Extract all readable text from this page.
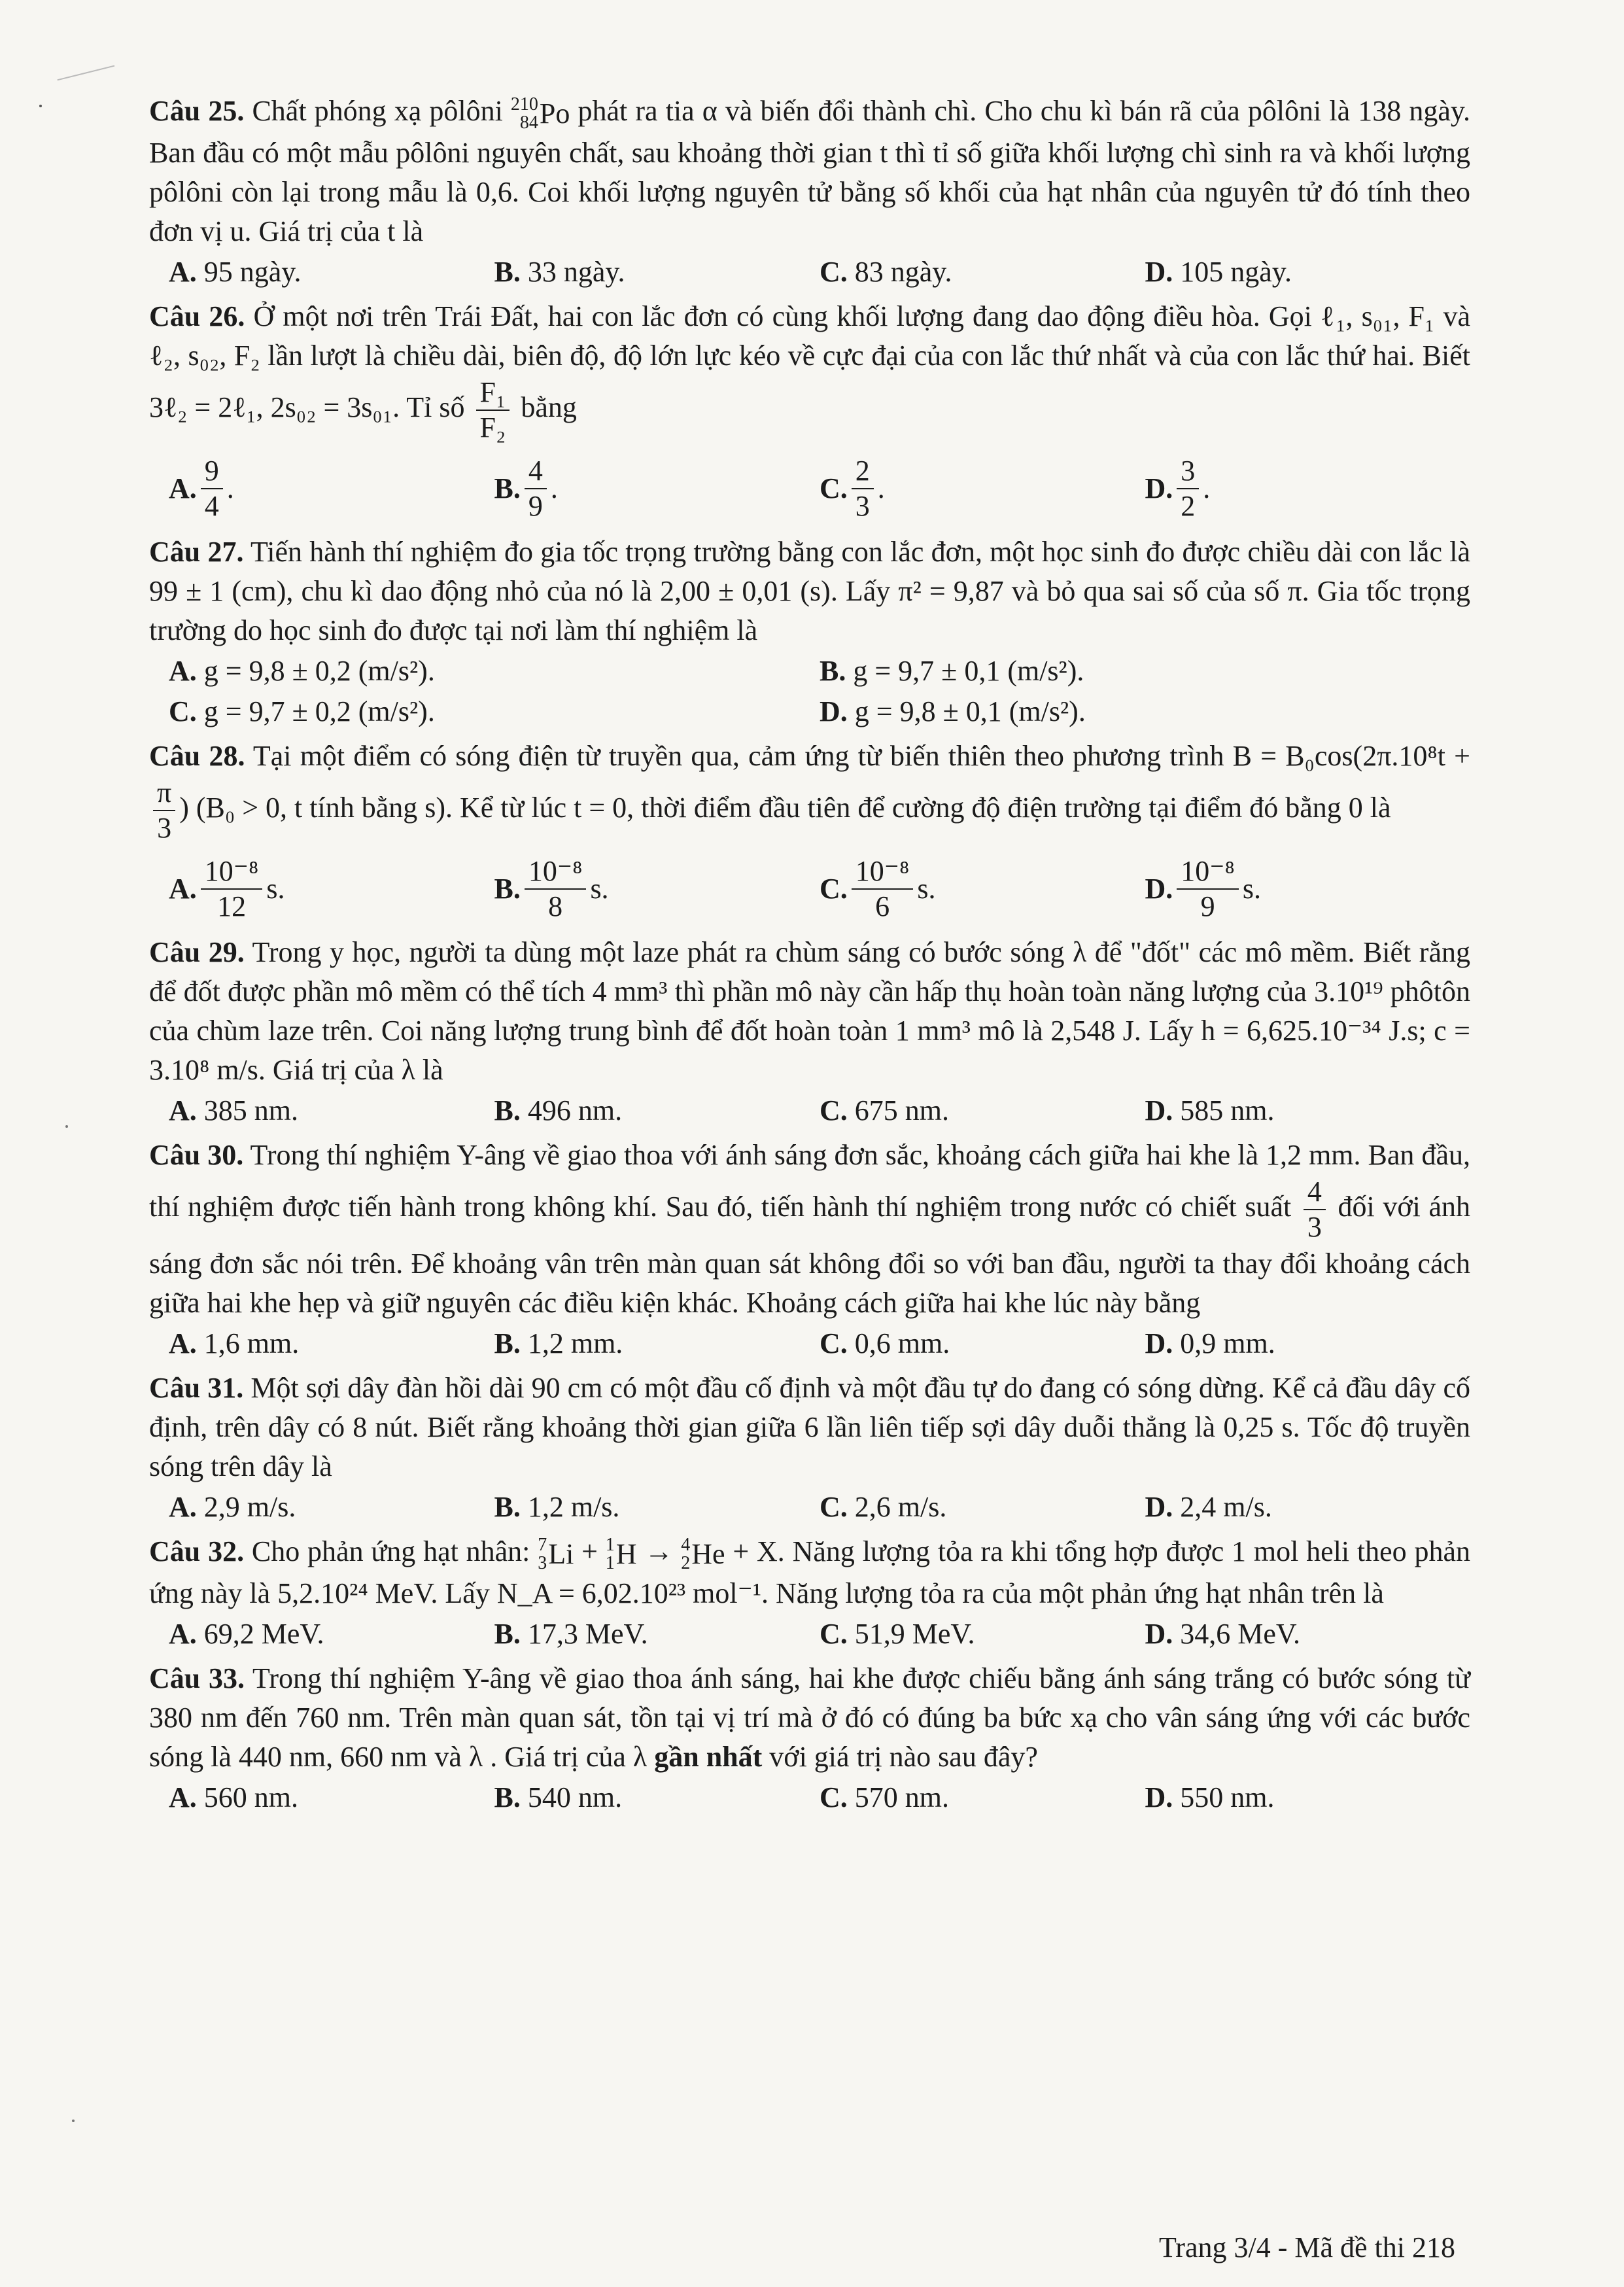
Câu 25. Chất phóng xạ pôlôni 210
84 Po phát ra tia α và biến đổi thành chì. Cho chu kì bán rã của pôlôni là 138 ngày. Ban đầu có một mẫu pôlôni nguyên chất, sau khoảng thời gian t thì tỉ số giữa khối lượng chì sinh ra và khối lượng pôlôni còn lại trong mẫu là 0,6. Coi khối lượng nguyên tử bằng số khối của hạt nhân của nguyên tử đó tính theo đơn vị u. Giá trị của t là

A. 95 ngày.	B. 33 ngày.	C. 83 ngày.	D. 105 ngày.

Câu 26. Ở một nơi trên Trái Đất, hai con lắc đơn có cùng khối lượng đang dao động điều hòa. Gọi ℓ₁, s₀₁, F₁ và ℓ₂, s₀₂, F₂ lần lượt là chiều dài, biên độ, độ lớn lực kéo về cực đại của con lắc thứ nhất và của con lắc thứ hai. Biết 3ℓ₂ = 2ℓ₁, 2s₀₂ = 3s₀₁. Tỉ số $\frac{\text{F₁}}{\text{F₂}}$ bằng

A. $\frac{9}{4}$ .	B. $\frac{4}{9}$ .	C. $\frac{2}{3}$ .	D. $\frac{3}{2}$ .

Câu 27. Tiến hành thí nghiệm đo gia tốc trọng trường bằng con lắc đơn, một học sinh đo được chiều dài con lắc là 99 ± 1 (cm), chu kì dao động nhỏ của nó là 2,00 ± 0,01 (s). Lấy π² = 9,87 và bỏ qua sai số của số π. Gia tốc trọng trường do học sinh đo được tại nơi làm thí nghiệm là

A. g = 9,8 ± 0,2 (m/s²).	B. g = 9,7 ± 0,1 (m/s²).
C. g = 9,7 ± 0,2 (m/s²).	D. g = 9,8 ± 0,1 (m/s²).

Câu 28. Tại một điểm có sóng điện từ truyền qua, cảm ứng từ biến thiên theo phương trình B = B₀cos(2π.10⁸t +
$\frac{\pi}{3}$ ) (B₀ > 0, t tính bằng s). Kể từ lúc t = 0, thời điểm đầu tiên để cường độ điện trường tại điểm đó bằng 0 là

A. $\frac{\text{10⁻⁸}}{12} s$.	B. $\frac{\text{10⁻⁸}}{8} s$.	C. $\frac{\text{10⁻⁸}}{6} s$.	D. $\frac{\text{10⁻⁸}}{9} s$.

Câu 29. Trong y học, người ta dùng một laze phát ra chùm sáng có bước sóng λ để "đốt" các mô mềm. Biết rằng để đốt được phần mô mềm có thể tích 4 mm³ thì phần mô này cần hấp thụ hoàn toàn năng lượng của 3.10¹⁹ phôtôn của chùm laze trên. Coi năng lượng trung bình để đốt hoàn toàn 1 mm³ mô là 2,548 J. Lấy h = 6,625.10⁻³⁴ J.s; c = 3.10⁸ m/s. Giá trị của λ là

A. 385 nm.	B. 496 nm.	C. 675 nm.	D. 585 nm.

Câu 30. Trong thí nghiệm Y-âng về giao thoa với ánh sáng đơn sắc, khoảng cách giữa hai khe là 1,2 mm. Ban đầu, thí nghiệm được tiến hành trong không khí. Sau đó, tiến hành thí nghiệm trong nước có chiết suất $\frac{4}{3}$ đối với ánh sáng đơn sắc nói trên. Để khoảng vân trên màn quan sát không đổi so với ban đầu, người ta thay đổi khoảng cách giữa hai khe hẹp và giữ nguyên các điều kiện khác. Khoảng cách giữa hai khe lúc này bằng

A. 1,6 mm.	B. 1,2 mm.	C. 0,6 mm.	D. 0,9 mm.

Câu 31. Một sợi dây đàn hồi dài 90 cm có một đầu cố định và một đầu tự do đang có sóng dừng. Kể cả đầu dây cố định, trên dây có 8 nút. Biết rằng khoảng thời gian giữa 6 lần liên tiếp sợi dây duỗi thẳng là 0,25 s. Tốc độ truyền sóng trên dây là

A. 2,9 m/s.	B. 1,2 m/s.	C. 2,6 m/s.	D. 2,4 m/s.

Câu 32. Cho phản ứng hạt nhân: 7
3 Li + 1
1 H → 4
2 He + X. Năng lượng tỏa ra khi tổng hợp được 1 mol heli theo phản ứng này là 5,2.10²⁴ MeV. Lấy N_A = 6,02.10²³ mol⁻¹. Năng lượng tỏa ra của một phản ứng hạt nhân trên là

A. 69,2 MeV.	B. 17,3 MeV.	C. 51,9 MeV.	D. 34,6 MeV.

Câu 33. Trong thí nghiệm Y-âng về giao thoa ánh sáng, hai khe được chiếu bằng ánh sáng trắng có bước sóng từ 380 nm đến 760 nm. Trên màn quan sát, tồn tại vị trí mà ở đó có đúng ba bức xạ cho vân sáng ứng với các bước sóng là 440 nm, 660 nm và λ . Giá trị của λ gần nhất với giá trị nào sau đây?

A. 560 nm.	B. 540 nm.	C. 570 nm.	D. 550 nm.
Trang 3/4 - Mã đề thi 218
